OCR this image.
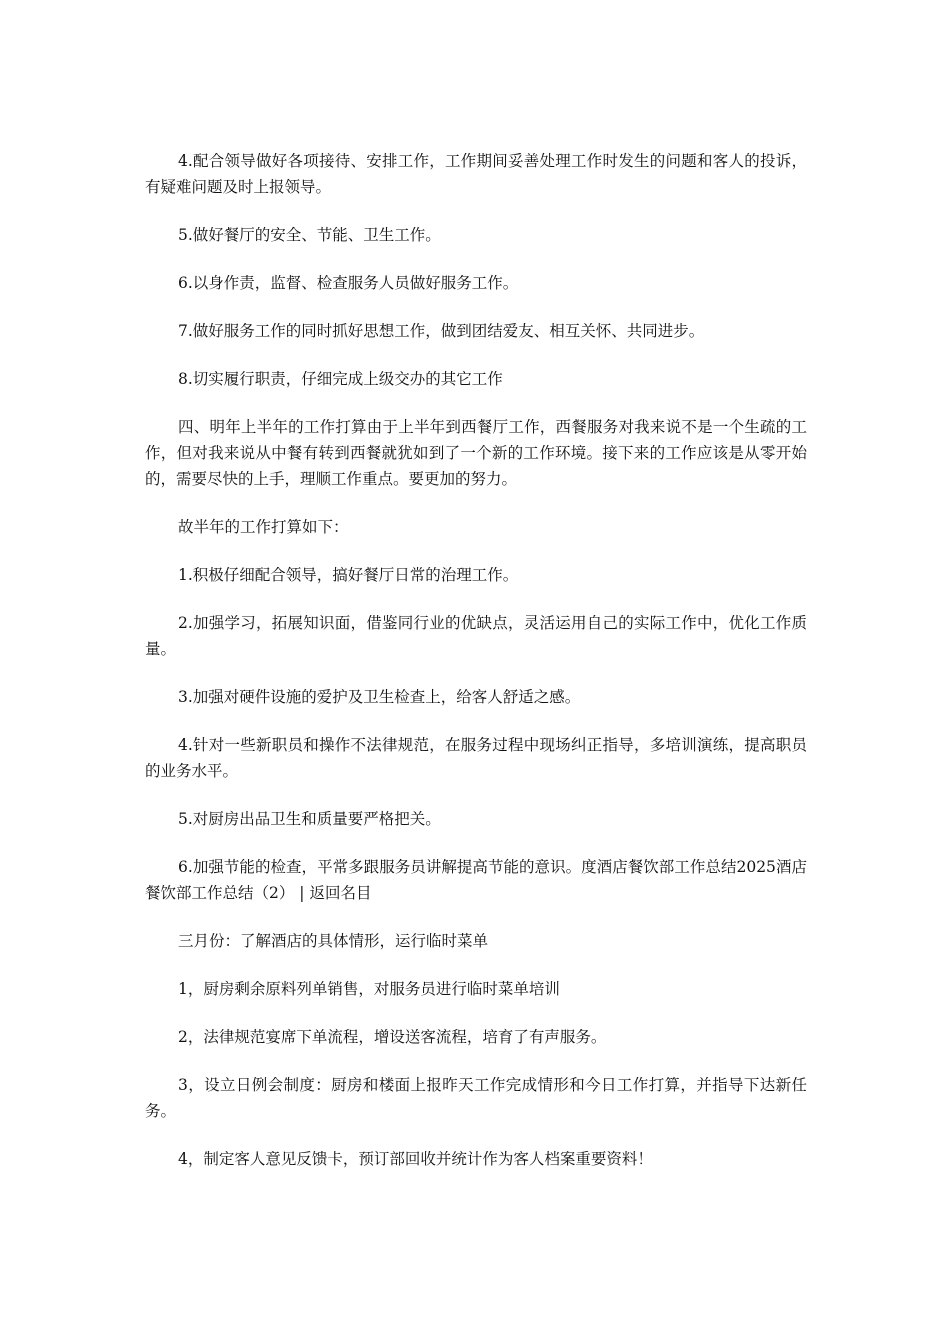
4.配合领导做好各项接待、安排工作，工作期间妥善处理工作时发生的问题和客人的投诉，有疑难问题及时上报领导。

5.做好餐厅的安全、节能、卫生工作。

6.以身作责，监督、检查服务人员做好服务工作。

7.做好服务工作的同时抓好思想工作，做到团结爱友、相互关怀、共同进步。

8.切实履行职责，仔细完成上级交办的其它工作

四、明年上半年的工作打算由于上半年到西餐厅工作，西餐服务对我来说不是一个生疏的工作，但对我来说从中餐有转到西餐就犹如到了一个新的工作环境。接下来的工作应该是从零开始的，需要尽快的上手，理顺工作重点。要更加的努力。

故半年的工作打算如下：

1.积极仔细配合领导，搞好餐厅日常的治理工作。

2.加强学习，拓展知识面，借鉴同行业的优缺点，灵活运用自己的实际工作中，优化工作质量。

3.加强对硬件设施的爱护及卫生检查上，给客人舒适之感。

4.针对一些新职员和操作不法律规范，在服务过程中现场纠正指导，多培训演练，提高职员的业务水平。

5.对厨房出品卫生和质量要严格把关。

6.加强节能的检查，平常多跟服务员讲解提高节能的意识。度酒店餐饮部工作总结2025酒店餐饮部工作总结（2） | 返回名目

三月份：了解酒店的具体情形，运行临时菜单

1，厨房剩余原料列单销售，对服务员进行临时菜单培训

2，法律规范宴席下单流程，增设送客流程，培育了有声服务。

3，设立日例会制度：厨房和楼面上报昨天工作完成情形和今日工作打算，并指导下达新任务。

4，制定客人意见反馈卡，预订部回收并统计作为客人档案重要资料！
